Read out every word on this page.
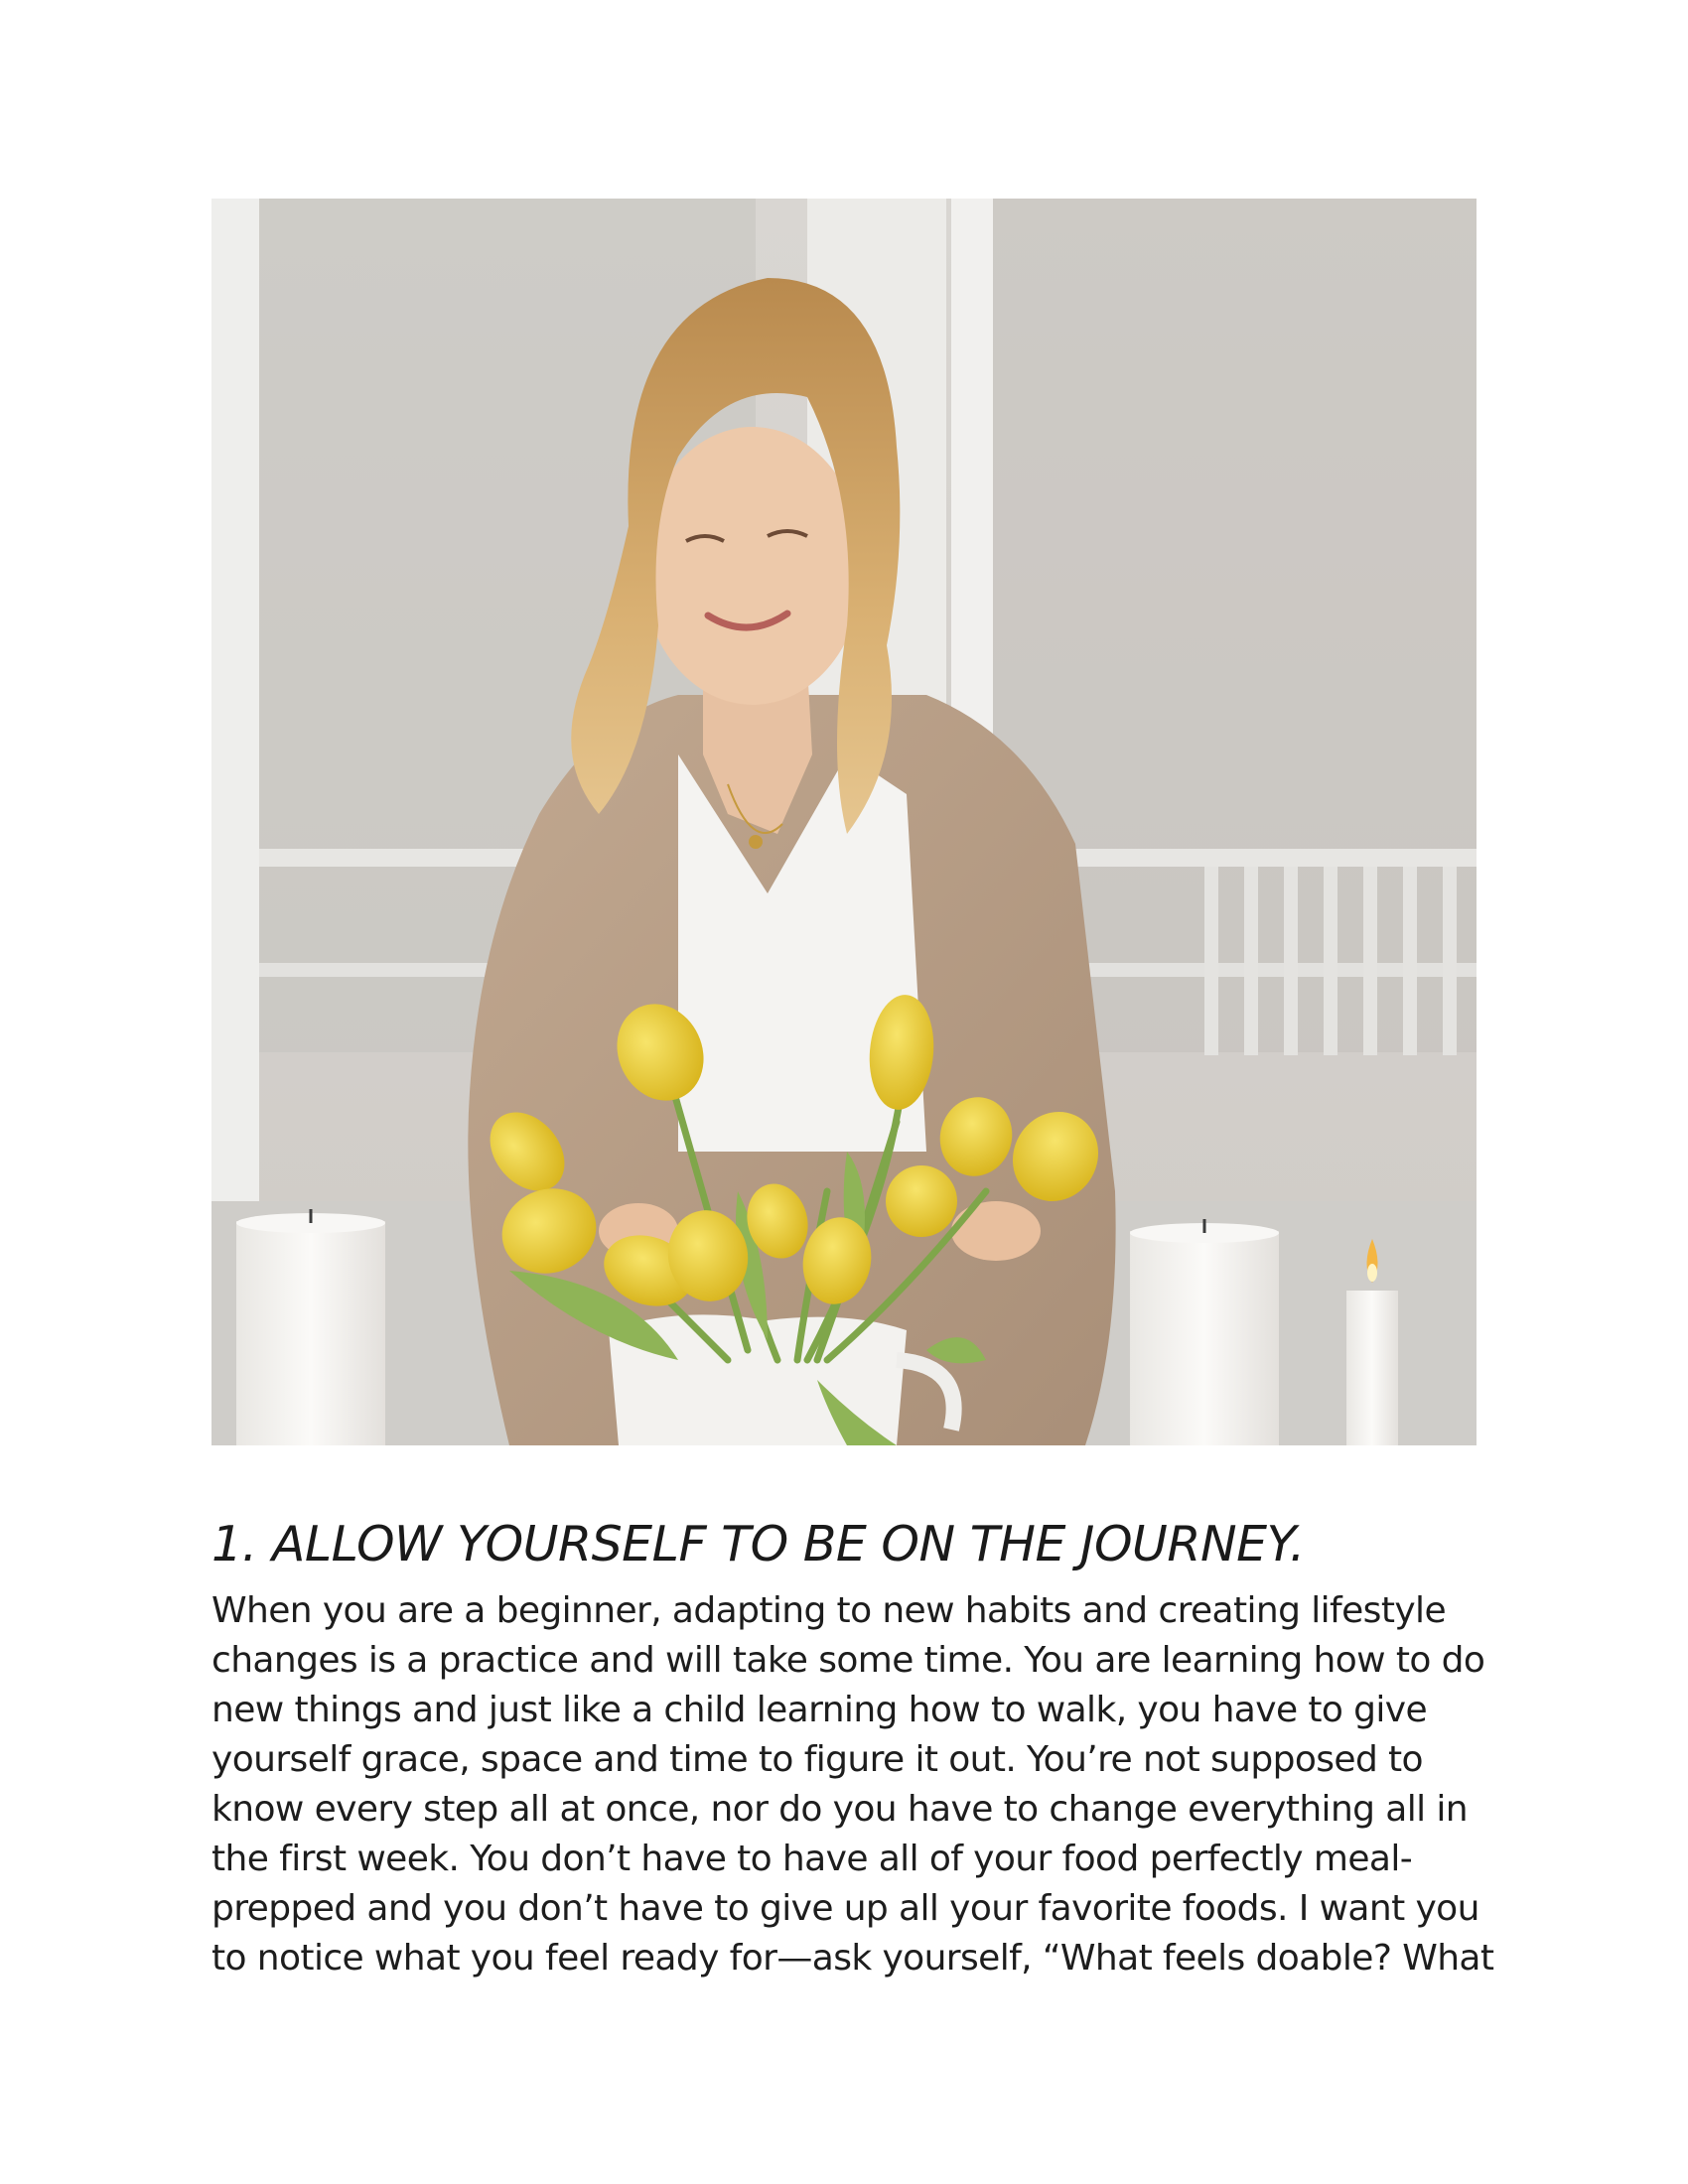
1. ALLOW YOURSELF TO BE ON THE JOURNEY.
When you are a beginner, adapting to new habits and creating lifestyle
changes is a practice and will take some time. You are learning how to do
new things and just like a child learning how to walk, you have to give
yourself grace, space and time to figure it out. You’re not supposed to
know every step all at once, nor do you have to change everything all in
the first week. You don’t have to have all of your food perfectly meal-
prepped and you don’t have to give up all your favorite foods. I want you
to notice what you feel ready for—ask yourself, “What feels doable? What
